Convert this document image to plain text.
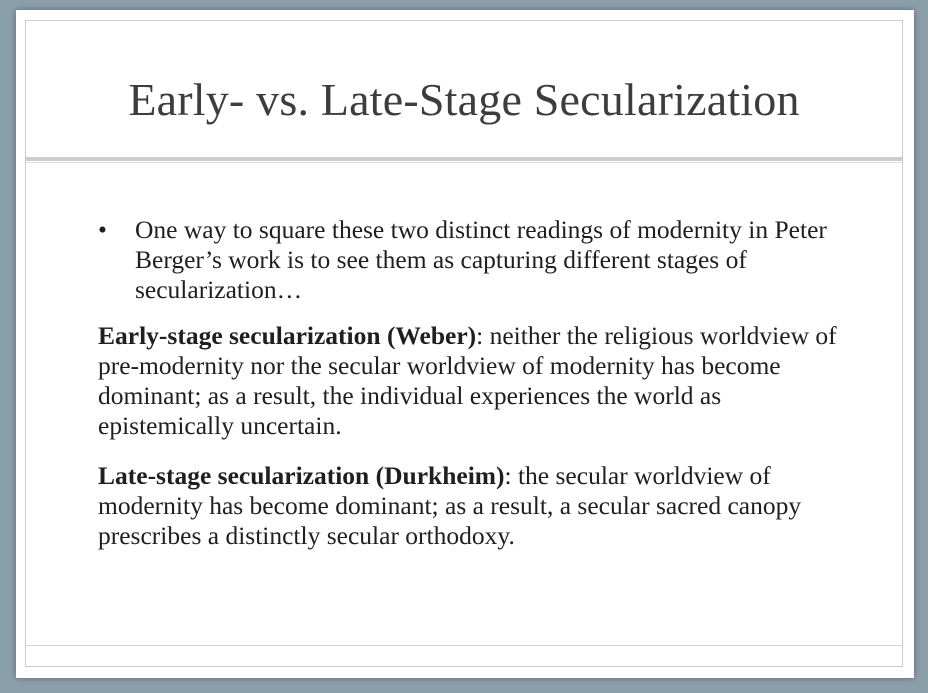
Early- vs. Late-Stage Secularization
• One way to square these two distinct readings of modernity in Peter Berger’s work is to see them as capturing different stages of secularization…

Early-stage secularization (Weber): neither the religious worldview of pre-modernity nor the secular worldview of modernity has become dominant; as a result, the individual experiences the world as epistemically uncertain.

Late-stage secularization (Durkheim): the secular worldview of modernity has become dominant; as a result, a secular sacred canopy prescribes a distinctly secular orthodoxy.
